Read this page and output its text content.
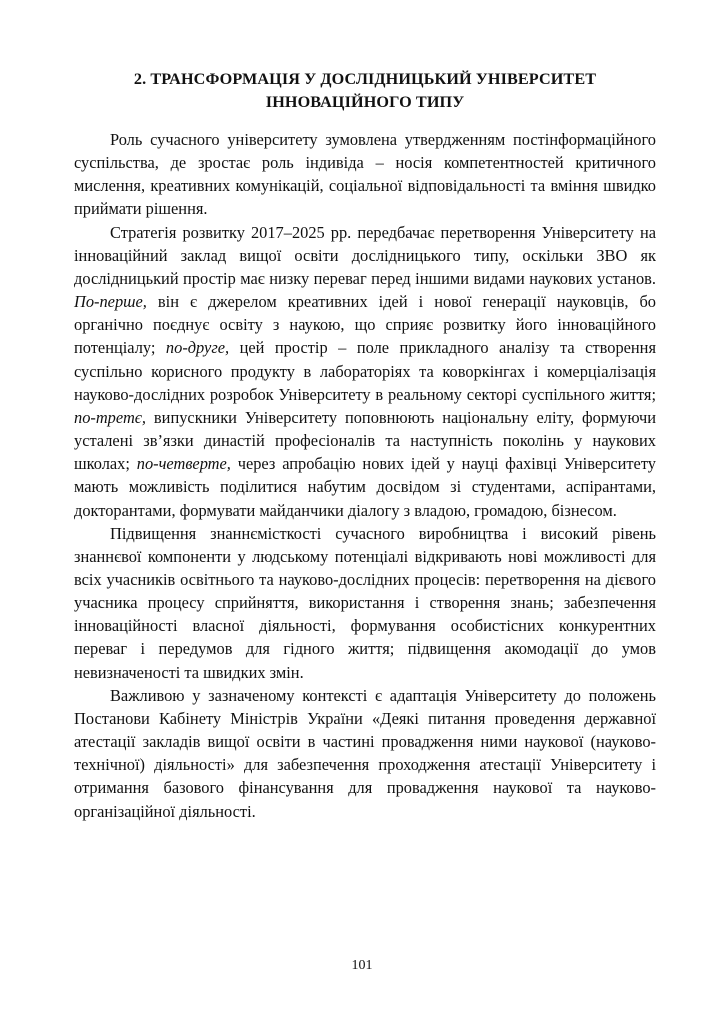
2. ТРАНСФОРМАЦІЯ У ДОСЛІДНИЦЬКИЙ УНІВЕРСИТЕТ
ІННОВАЦІЙНОГО ТИПУ

Роль сучасного університету зумовлена утвердженням постінформаційного суспільства, де зростає роль індивіда – носія компетентностей критичного мислення, креативних комунікацій, соціальної відповідальності та вміння швидко приймати рішення.

Стратегія розвитку 2017–2025 рр. передбачає перетворення Університету на інноваційний заклад вищої освіти дослідницького типу, оскільки ЗВО як дослідницький простір має низку переваг перед іншими видами наукових установ. По-перше, він є джерелом креативних ідей і нової генерації науковців, бо органічно поєднує освіту з наукою, що сприяє розвитку його інноваційного потенціалу; по-друге, цей простір – поле прикладного аналізу та створення суспільно корисного продукту в лабораторіях та коворкінгах і комерціалізація науково-дослідних розробок Університету в реальному секторі суспільного життя; по-третє, випускники Університету поповнюють національну еліту, формуючи усталені зв’язки династій професіоналів та наступність поколінь у наукових школах; по-четверте, через апробацію нових ідей у науці фахівці Університету мають можливість поділитися набутим досвідом зі студентами, аспірантами, докторантами, формувати майданчики діалогу з владою, громадою, бізнесом.

Підвищення знаннємісткості сучасного виробництва і високий рівень знаннєвої компоненти у людському потенціалі відкривають нові можливості для всіх учасників освітнього та науково-дослідних процесів: перетворення на дієвого учасника процесу сприйняття, використання і створення знань; забезпечення інноваційності власної діяльності, формування особистісних конкурентних переваг і передумов для гідного життя; підвищення акомодації до умов невизначеності та швидких змін.

Важливою у зазначеному контексті є адаптація Університету до положень Постанови Кабінету Міністрів України «Деякі питання проведення державної атестації закладів вищої освіти в частині провадження ними наукової (науково-технічної) діяльності» для забезпечення проходження атестації Університету і отримання базового фінансування для провадження наукової та науково-організаційної діяльності.

101
